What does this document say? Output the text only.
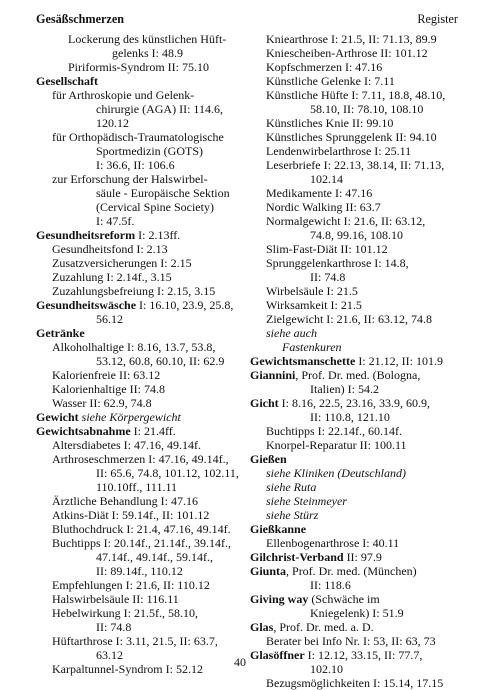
Gesäßschmerzen	Register
Lockerung des künstlichen Hüft-
gelenks I: 48.9
Piriformis-Syndrom II: 75.10
Gesellschaft
für Arthroskopie und Gelenk-
chirurgie (AGA) II: 114.6,
120.12
für Orthopädisch-Traumatologische
Sportmedizin (GOTS)
I: 36.6, II: 106.6
zur Erforschung der Halswirbel-
säule - Europäische Sektion
(Cervical Spine Society)
I: 47.5f.
Gesundheitsreform I: 2.13ff.
Gesundheitsfond I: 2.13
Zusatzversicherungen I: 2.15
Zuzahlung I: 2.14f., 3.15
Zuzahlungsbefreiung I: 2.15, 3.15
Gesundheitswäsche I: 16.10, 23.9, 25.8,
56.12
Getränke
Alkoholhaltige I: 8.16, 13.7, 53.8,
53.12, 60.8, 60.10, II: 62.9
Kalorienfreie II: 63.12
Kalorienhaltige II: 74.8
Wasser II: 62.9, 74.8
Gewicht siehe Körpergewicht
Gewichtsabnahme I: 21.4ff.
Altersdiabetes I: 47.16, 49.14f.
Arthroseschmerzen I: 47.16, 49.14f.,
II: 65.6, 74.8, 101.12, 102.11,
110.10ff., 111.11
Ärztliche Behandlung I: 47.16
Atkins-Diät I: 59.14f., II: 101.12
Bluthochdruck I: 21.4, 47.16, 49.14f.
Buchtipps I: 20.14f., 21.14f., 39.14f.,
47.14f., 49.14f., 59.14f.,
II: 89.14f., 110.12
Empfehlungen I: 21.6, II: 110.12
Halswirbelsäule II: 116.11
Hebelwirkung I: 21.5f., 58.10,
II: 74.8
Hüftarthrose I: 3.11, 21.5, II: 63.7,
63.12
Karpaltunnel-Syndrom I: 52.12
Kniearthrose I: 21.5, II: 71.13, 89.9
Kniescheiben-Arthrose II: 101.12
Kopfschmerzen I: 47.16
Künstliche Gelenke I: 7.11
Künstliche Hüfte I: 7.11, 18.8, 48.10,
58.10, II: 78.10, 108.10
Künstliches Knie II: 99.10
Künstliches Sprunggelenk II: 94.10
Lendenwirbelarthrose I: 25.11
Leserbriefe I: 22.13, 38.14, II: 71.13,
102.14
Medikamente I: 47.16
Nordic Walking II: 63.7
Normalgewicht I: 21.6, II: 63.12,
74.8, 99.16, 108.10
Slim-Fast-Diät II: 101.12
Sprunggelenkarthrose I: 14.8,
II: 74.8
Wirbelsäule I: 21.5
Wirksamkeit I: 21.5
Zielgewicht I: 21.6, II: 63.12, 74.8
siehe auch
Fastenkuren
Gewichtsmanschette I: 21.12, II: 101.9
Giannini, Prof. Dr. med. (Bologna,
Italien) I: 54.2
Gicht I: 8.16, 22.5, 23.16, 33.9, 60.9,
II: 110.8, 121.10
Buchtipps I: 22.14f., 60.14f.
Knorpel-Reparatur II: 100.11
Gießen
siehe Kliniken (Deutschland)
siehe Ruta
siehe Steinmeyer
siehe Stürz
Gießkanne
Ellenbogenarthrose I: 40.11
Gilchrist-Verband II: 97.9
Giunta, Prof. Dr. med. (München)
II: 118.6
Giving way (Schwäche im
Kniegelenk) I: 51.9
Glas, Prof. Dr. med. a. D.
Berater bei Info Nr. I: 53, II: 63, 73
Glasöffner I: 12.12, 33.15, II: 77.7,
102.10
Bezugsmöglichkeiten I: 15.14, 17.15
40
